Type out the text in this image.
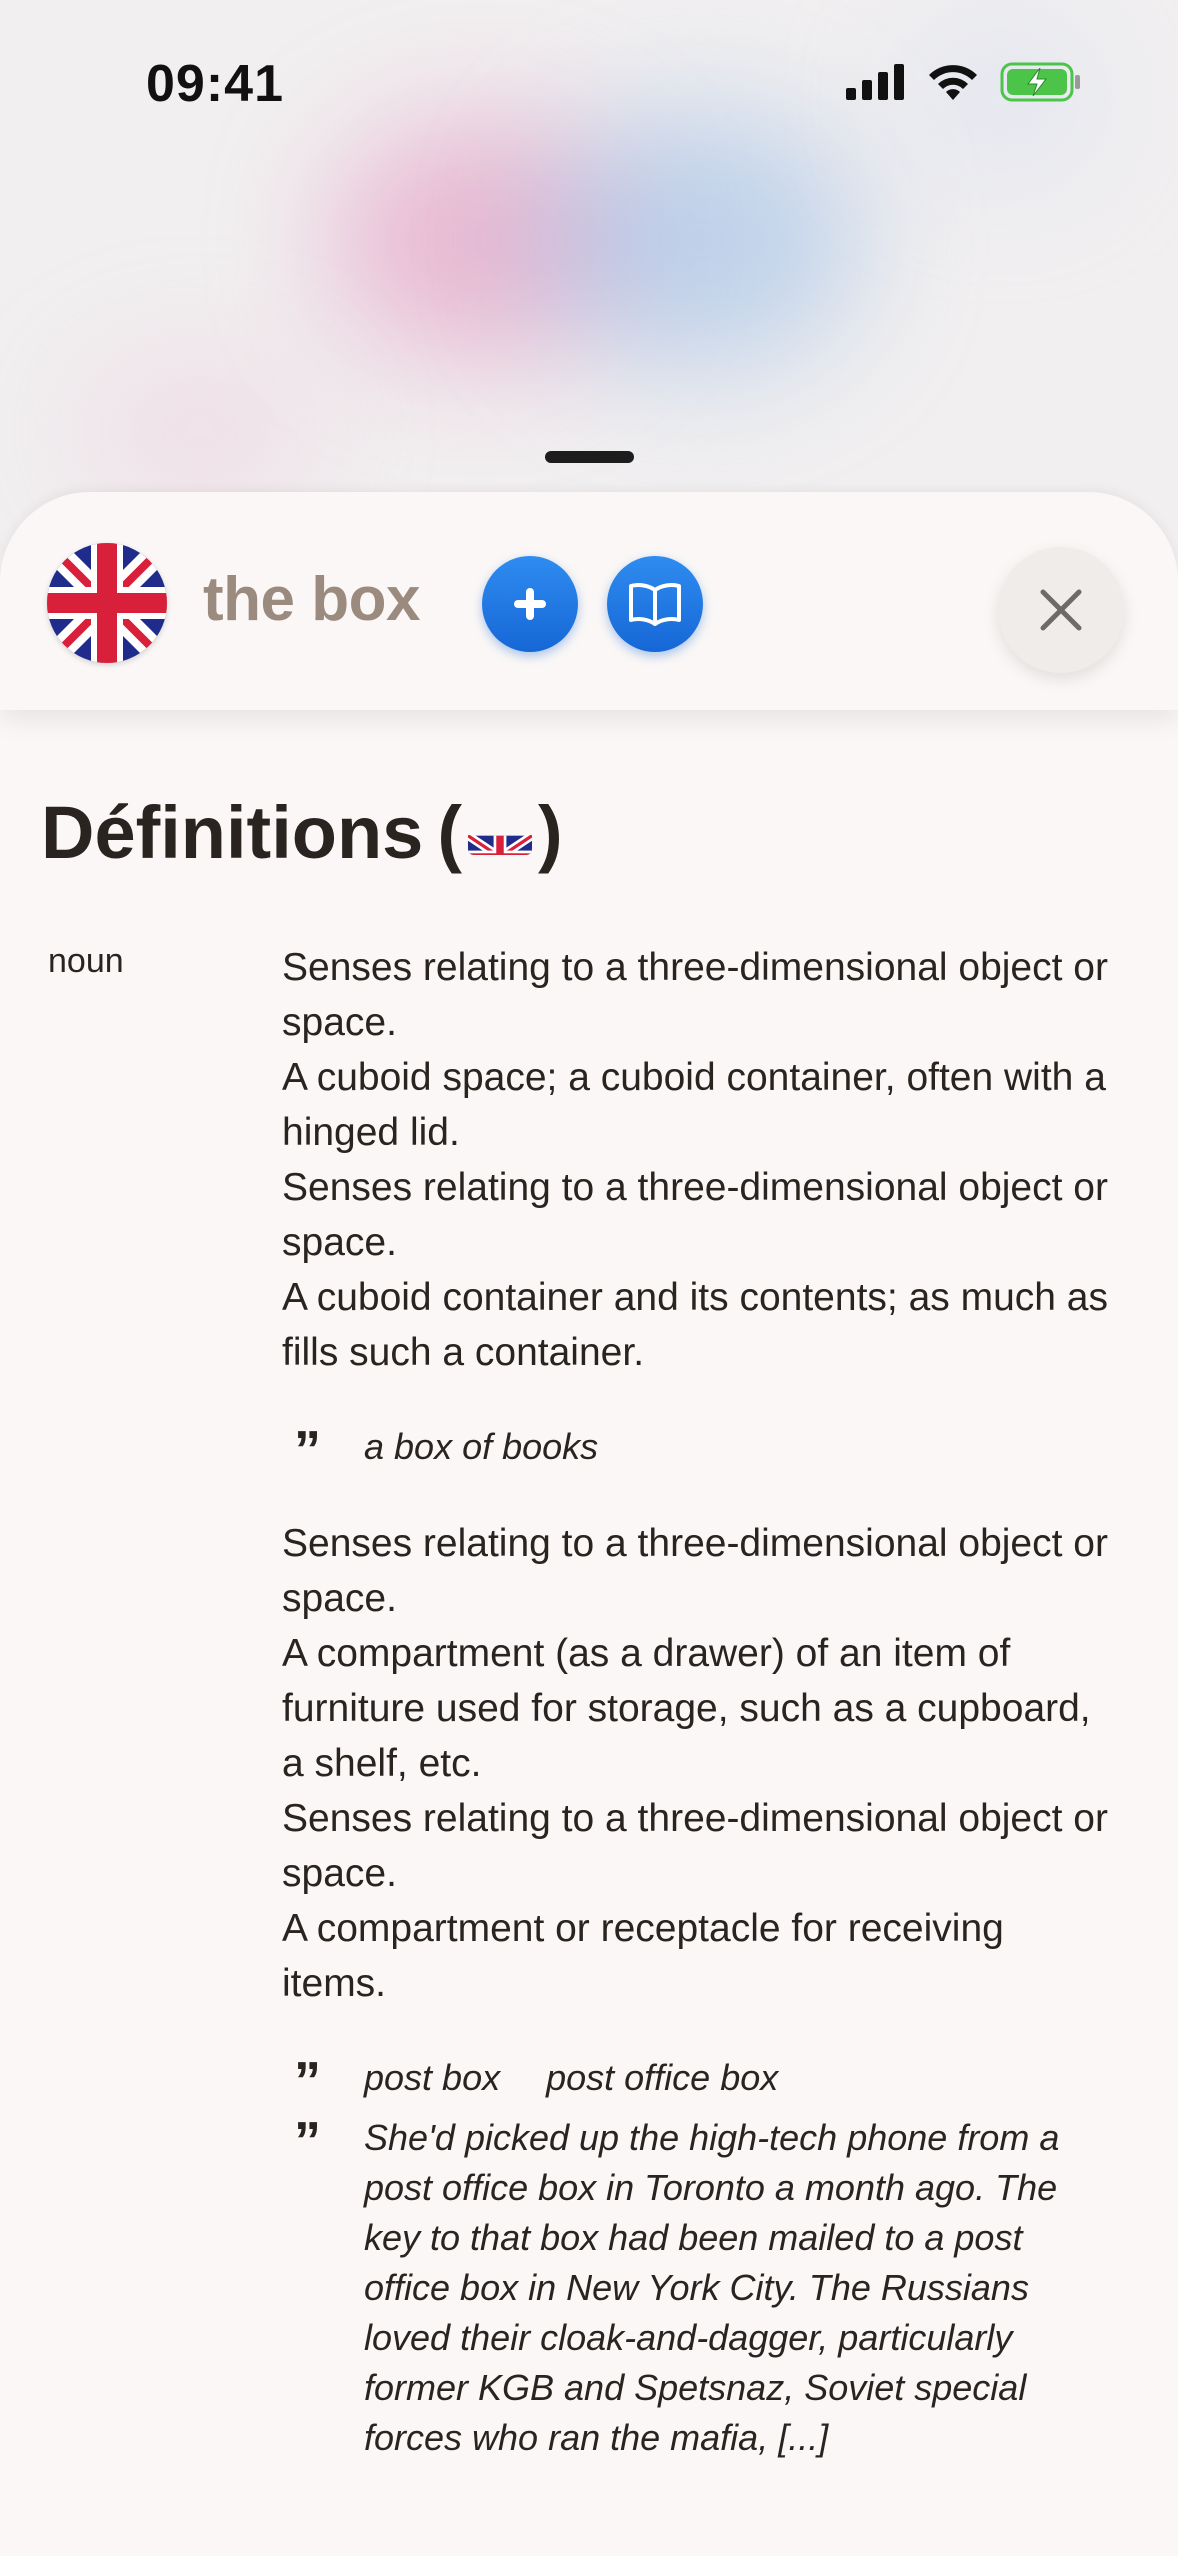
09:41
the box
Définitions ( )
noun	Senses relating to a three-dimensional object or space.
A cuboid space; a cuboid container, often with a hinged lid.
Senses relating to a three-dimensional object or space.
A cuboid container and its contents; as much as fills such a container.
” a box of books
Senses relating to a three-dimensional object or space.
A compartment (as a drawer) of an item of furniture used for storage, such as a cupboard, a shelf, etc.
Senses relating to a three-dimensional object or space.
A compartment or receptacle for receiving items.
” post box post office box
” She'd picked up the high-tech phone from a post office box in Toronto a month ago. The key to that box had been mailed to a post office box in New York City. The Russians loved their cloak-and-dagger, particularly former KGB and Spetsnaz, Soviet special forces who ran the mafia, [...]
